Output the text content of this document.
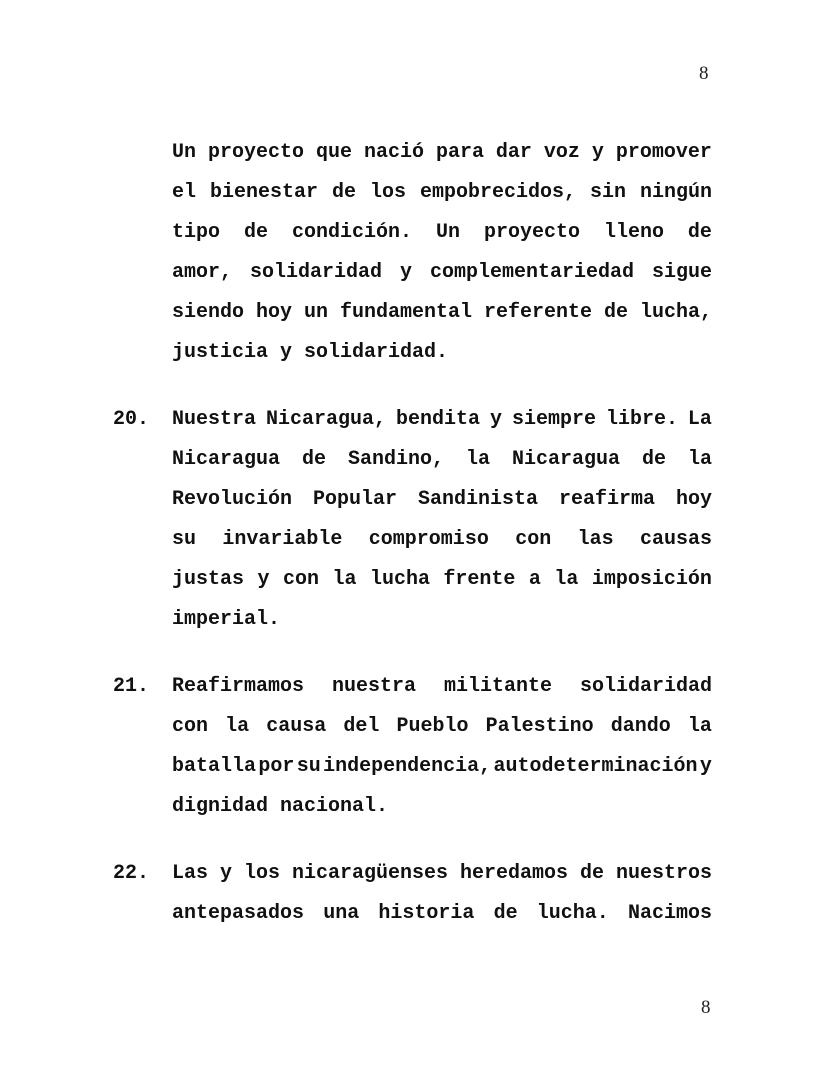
8
Un proyecto que nació para dar voz y promover
el bienestar de los empobrecidos, sin ningún
tipo de condición. Un proyecto lleno de
amor, solidaridad y complementariedad sigue
siendo hoy un fundamental referente de lucha,
justicia y solidaridad.
20.	Nuestra Nicaragua, bendita y siempre libre. La
Nicaragua de Sandino, la Nicaragua de la
Revolución Popular Sandinista reafirma hoy
su invariable compromiso con las causas
justas y con la lucha frente a la imposición
imperial.
21.	Reafirmamos nuestra militante solidaridad
con la causa del Pueblo Palestino dando la
batalla por su independencia, autodeterminación y
dignidad nacional.
22.	Las y los nicaragüenses heredamos de nuestros
antepasados una historia de lucha. Nacimos
8
